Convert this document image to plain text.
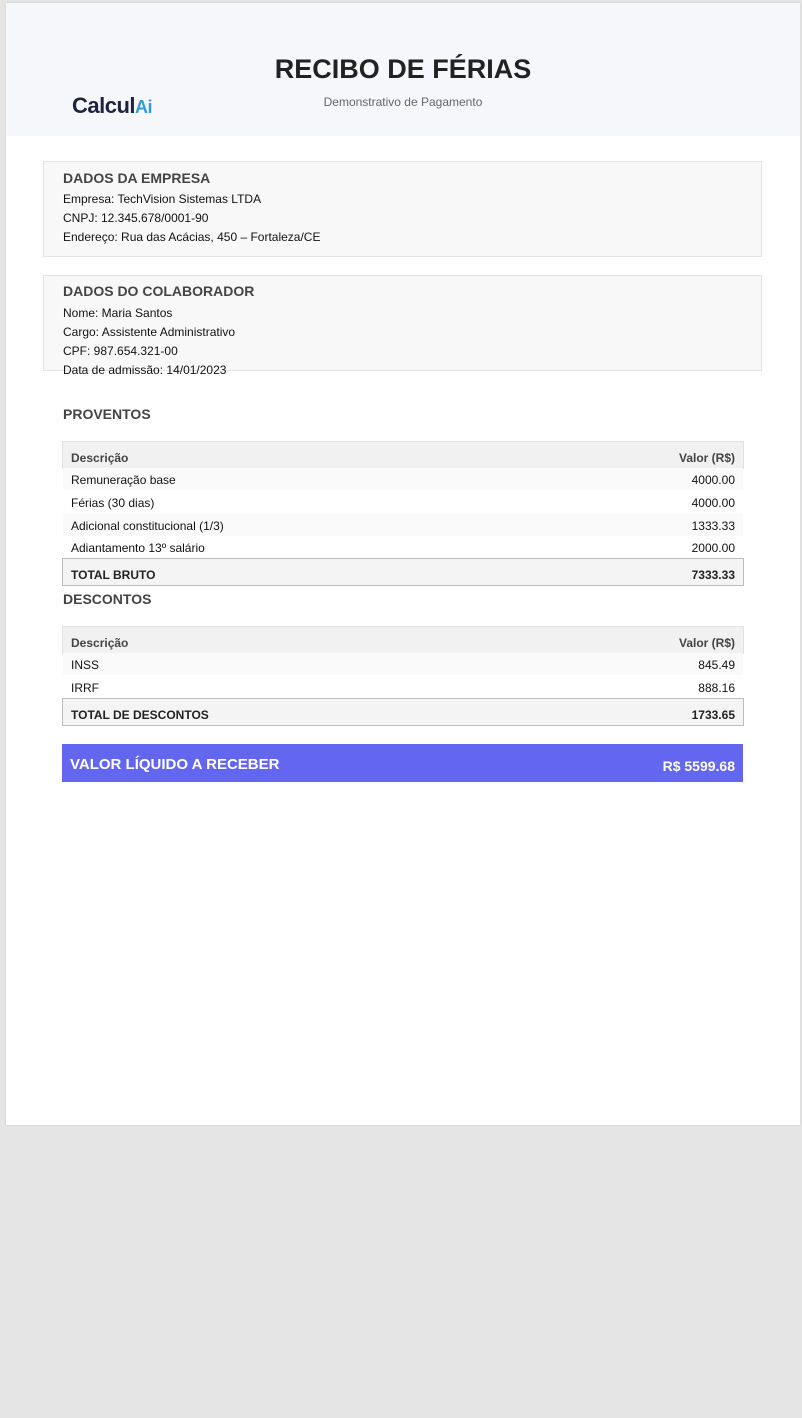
CalculAi
RECIBO DE FÉRIAS
Demonstrativo de Pagamento
DADOS DA EMPRESA
Empresa: TechVision Sistemas LTDA
CNPJ: 12.345.678/0001-90
Endereço: Rua das Acácias, 450 – Fortaleza/CE
DADOS DO COLABORADOR
Nome: Maria Santos
Cargo: Assistente Administrativo
CPF: 987.654.321-00
Data de admissão: 14/01/2023
PROVENTOS
Descrição	Valor (R$)
Remuneração base	4000.00
Férias (30 dias)	4000.00
Adicional constitucional (1/3)	1333.33
Adiantamento 13º salário	2000.00
TOTAL BRUTO	7333.33
DESCONTOS
Descrição	Valor (R$)
INSS	845.49
IRRF	888.16
TOTAL DE DESCONTOS	1733.65
VALOR LÍQUIDO A RECEBER	R$ 5599.68
